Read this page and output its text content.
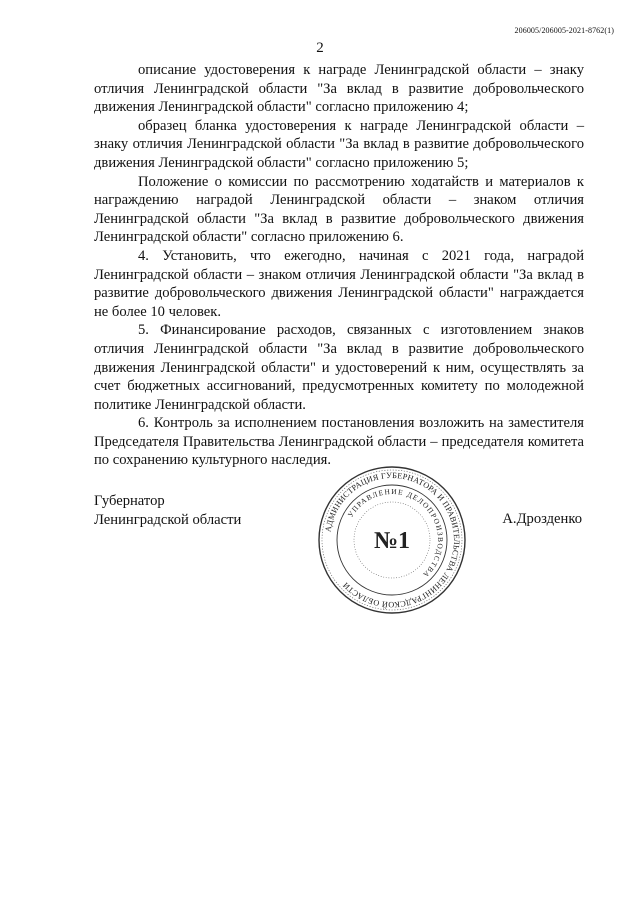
206005/206005-2021-8762(1)
2

описание удостоверения к награде Ленинградской области – знаку отличия Ленинградской области "За вклад в развитие добровольческого движения Ленинградской области" согласно приложению 4;

образец бланка удостоверения к награде Ленинградской области – знаку отличия Ленинградской области "За вклад в развитие добровольческого движения Ленинградской области" согласно приложению 5;

Положение о комиссии по рассмотрению ходатайств и материалов к награждению наградой Ленинградской области – знаком отличия Ленинградской области "За вклад в развитие добровольческого движения Ленинградской области" согласно приложению 6.

4. Установить, что ежегодно, начиная с 2021 года, наградой Ленинградской области – знаком отличия Ленинградской области "За вклад в развитие добровольческого движения Ленинградской области" награждается не более 10 человек.

5. Финансирование расходов, связанных с изготовлением знаков отличия Ленинградской области "За вклад в развитие добровольческого движения Ленинградской области" и удостоверений к ним, осуществлять за счет бюджетных ассигнований, предусмотренных комитету по молодежной политике Ленинградской области.

6. Контроль за исполнением постановления возложить на заместителя Председателя Правительства Ленинградской области – председателя комитета по сохранению культурного наследия.

Губернатор
Ленинградской области	А.Дрозденко
АДМИНИСТРАЦИЯ ГУБЕРНАТОРА И ПРАВИТЕЛЬСТВА ЛЕНИНГРАДСКОЙ ОБЛАСТИ
УПРАВЛЕНИЕ ДЕЛОПРОИЗВОДСТВА
№1
